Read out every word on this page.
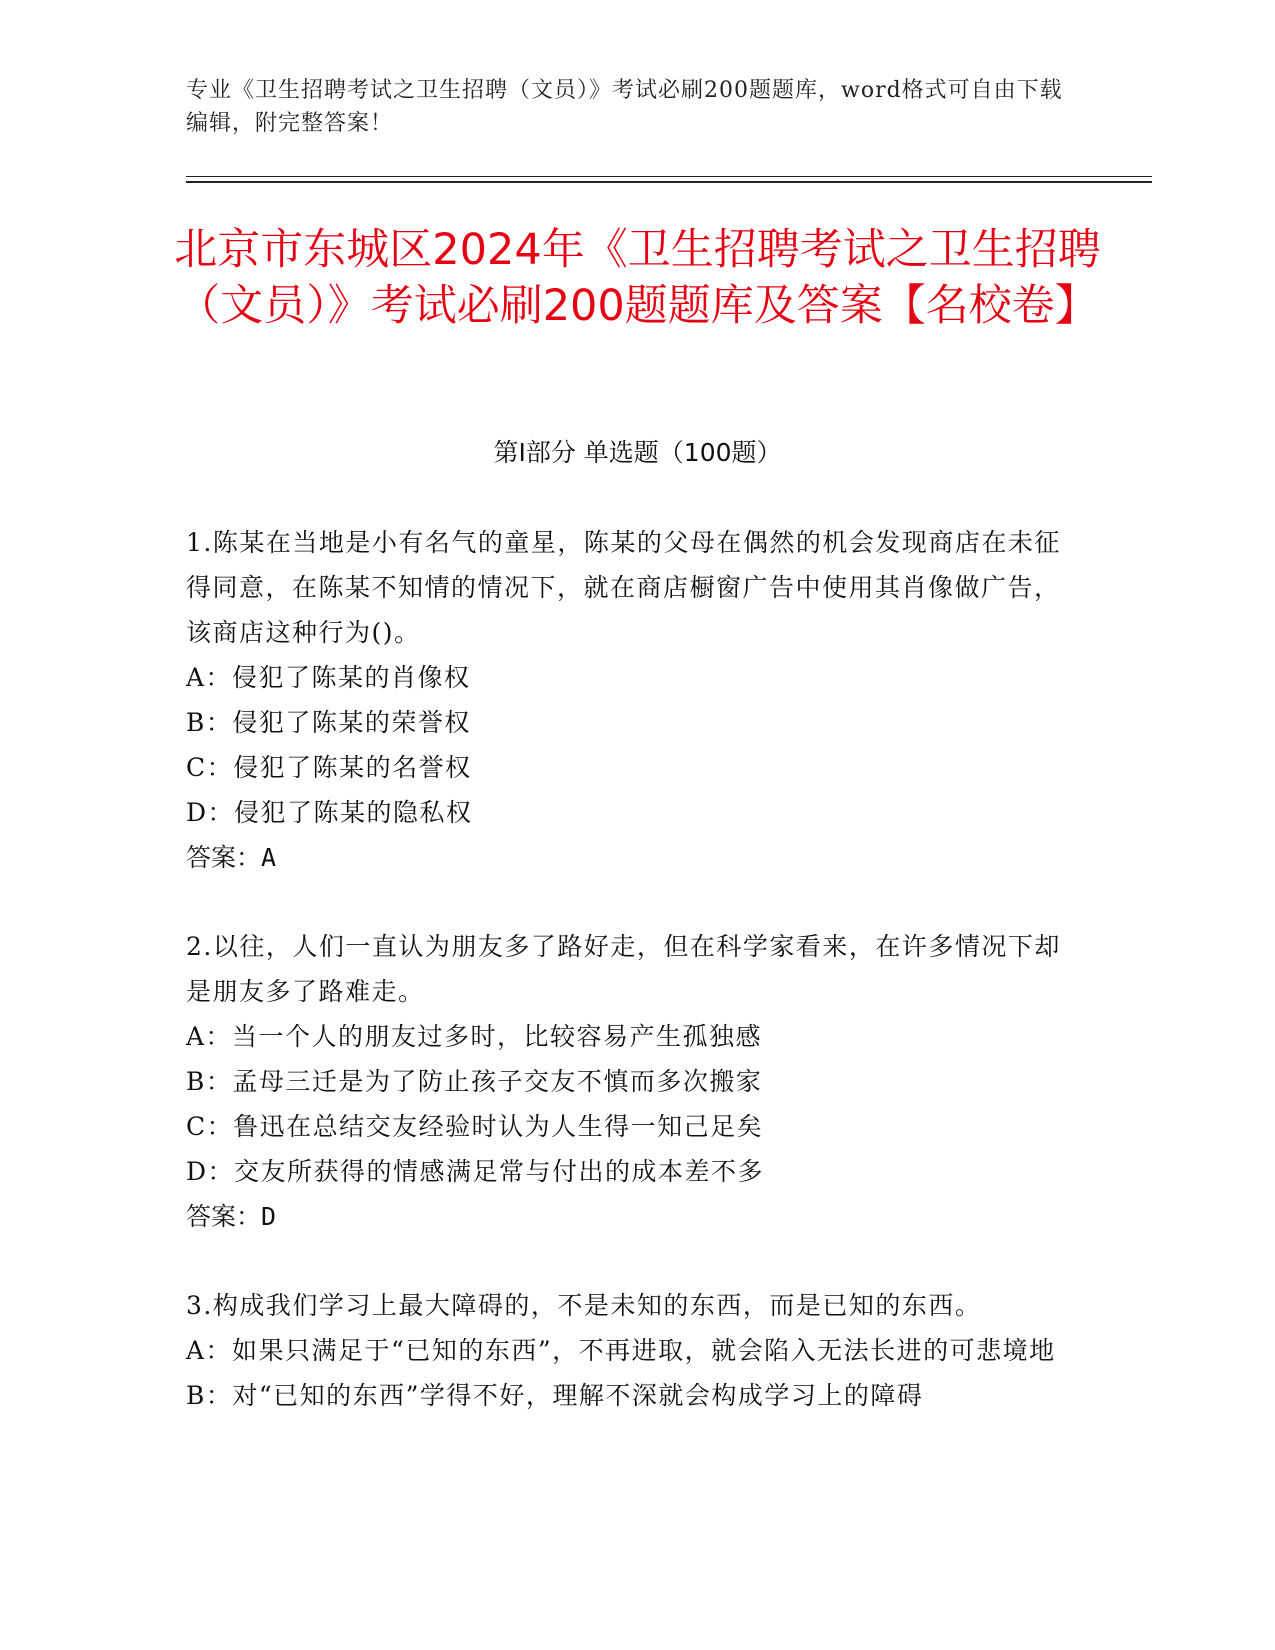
专业《卫生招聘考试之卫生招聘（文员）》考试必刷200题题库，word格式可自由下载编辑，附完整答案！
北京市东城区2024年《卫生招聘考试之卫生招聘（文员）》考试必刷200题题库及答案【名校卷】
第I部分 单选题（100题）

1.陈某在当地是小有名气的童星，陈某的父母在偶然的机会发现商店在未征得同意，在陈某不知情的情况下，就在商店橱窗广告中使用其肖像做广告，该商店这种行为()。

A：侵犯了陈某的肖像权

B：侵犯了陈某的荣誉权

C：侵犯了陈某的名誉权

D：侵犯了陈某的隐私权

答案：A

2.以往，人们一直认为朋友多了路好走，但在科学家看来，在许多情况下却是朋友多了路难走。

A：当一个人的朋友过多时，比较容易产生孤独感

B：孟母三迁是为了防止孩子交友不慎而多次搬家

C：鲁迅在总结交友经验时认为人生得一知己足矣

D：交友所获得的情感满足常与付出的成本差不多

答案：D

3.构成我们学习上最大障碍的，不是未知的东西，而是已知的东西。

A：如果只满足于“已知的东西”，不再进取，就会陷入无法长进的可悲境地

B：对“已知的东西”学得不好，理解不深就会构成学习上的障碍
